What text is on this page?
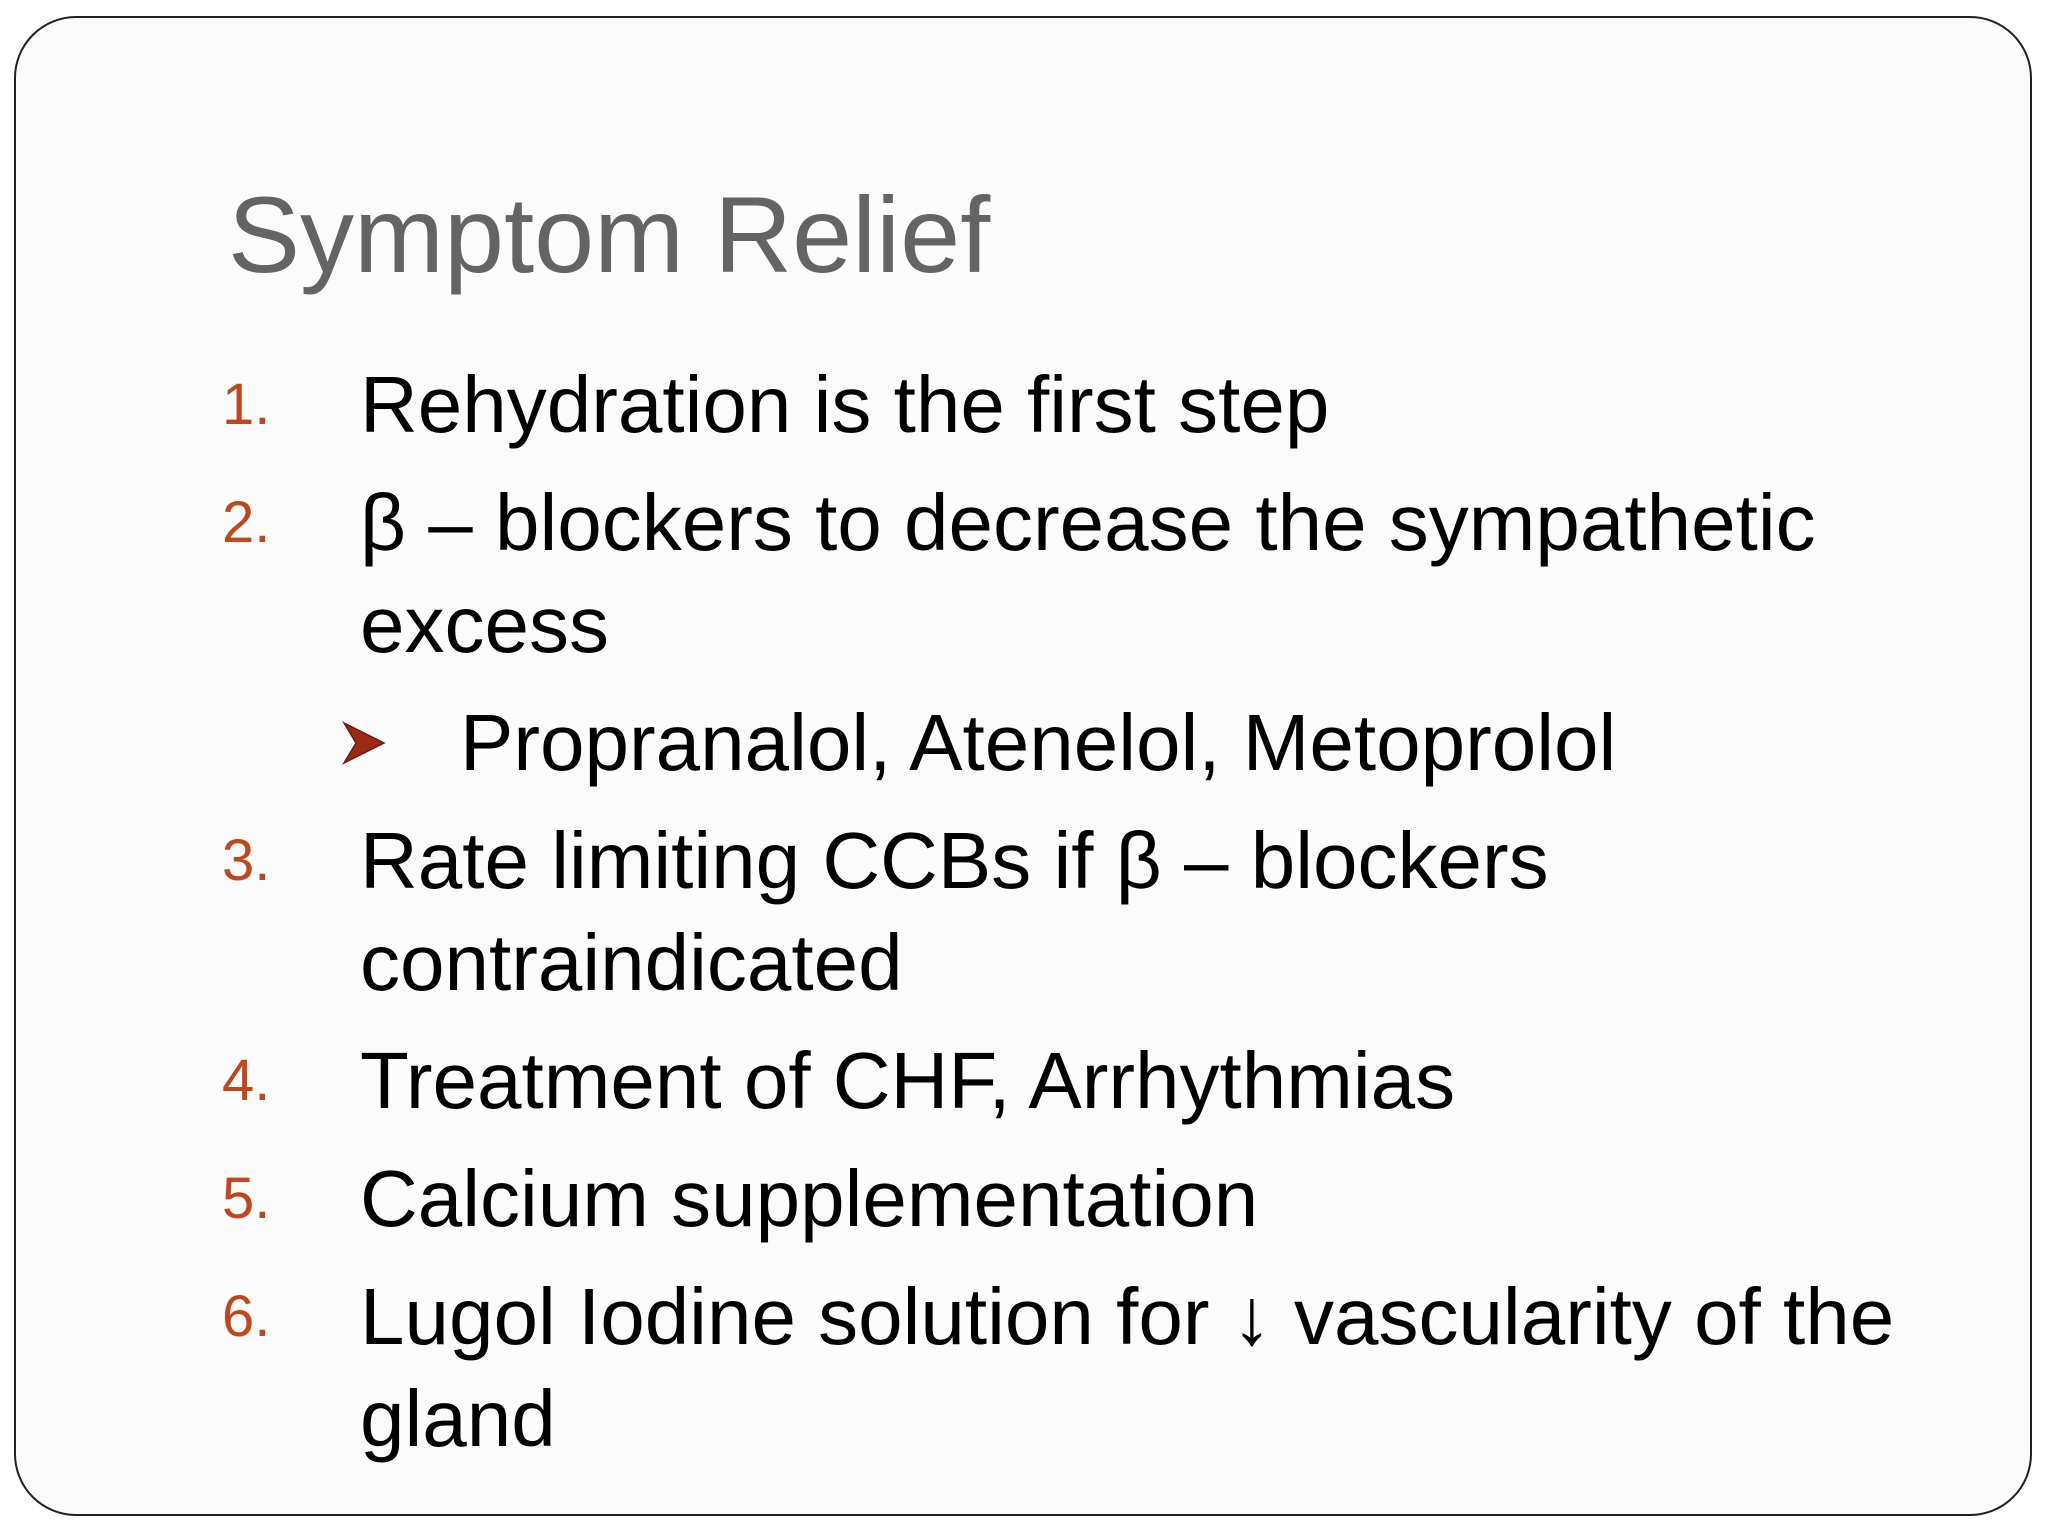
Symptom Relief
1.	Rehydration is the first step
2.	β – blockers to decrease the sympathetic excess
Propranalol, Atenelol, Metoprolol
3.	Rate limiting CCBs if β – blockers contraindicated
4.	Treatment of CHF, Arrhythmias
5.	Calcium supplementation
6.	Lugol Iodine solution for ↓ vascularity of the gland
